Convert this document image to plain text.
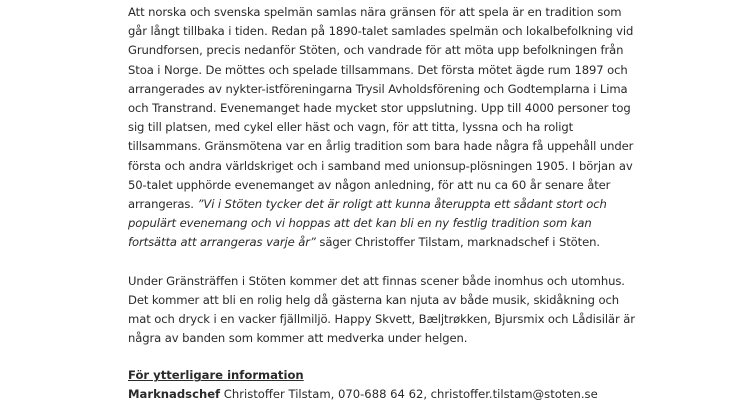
Att norska och svenska spelmän samlas nära gränsen för att spela är en tradition som går långt tillbaka i tiden. Redan på 1890-talet samlades spelmän och lokalbefolkning vid Grundforsen, precis nedanför Stöten, och vandrade för att möta upp befolkningen från Stoa i Norge. De möttes och spelade tillsammans. Det första mötet ägde rum 1897 och arrangerades av nykter-istföreningarna Trysil Avholdsförening och Godtemplarna i Lima och Transtrand. Evenemanget hade mycket stor uppslutning. Upp till 4000 personer tog sig till platsen, med cykel eller häst och vagn, för att titta, lyssna och ha roligt tillsammans. Gränsmötena var en årlig tradition som bara hade några få uppehåll under första och andra världskriget och i samband med unionsup-plösningen 1905. I början av 50-talet upphörde evenemanget av någon anledning, för att nu ca 60 år senare åter arrangeras. ”Vi i Stöten tycker det är roligt att kunna återuppta ett sådant stort och populärt evenemang och vi hoppas att det kan bli en ny festlig tradition som kan fortsätta att arrangeras varje år” säger Christoffer Tilstam, marknadschef i Stöten.

Under Gränsträffen i Stöten kommer det att finnas scener både inomhus och utomhus. Det kommer att bli en rolig helg då gästerna kan njuta av både musik, skidåkning och mat och dryck i en vacker fjällmiljö. Happy Skvett, Bæljtrøkken, Bjursmix och Lådisilär är några av banden som kommer att medverka under helgen.

För ytterligare information
Marknadschef Christoffer Tilstam, 070-688 64 62, christoffer.tilstam@stoten.se
